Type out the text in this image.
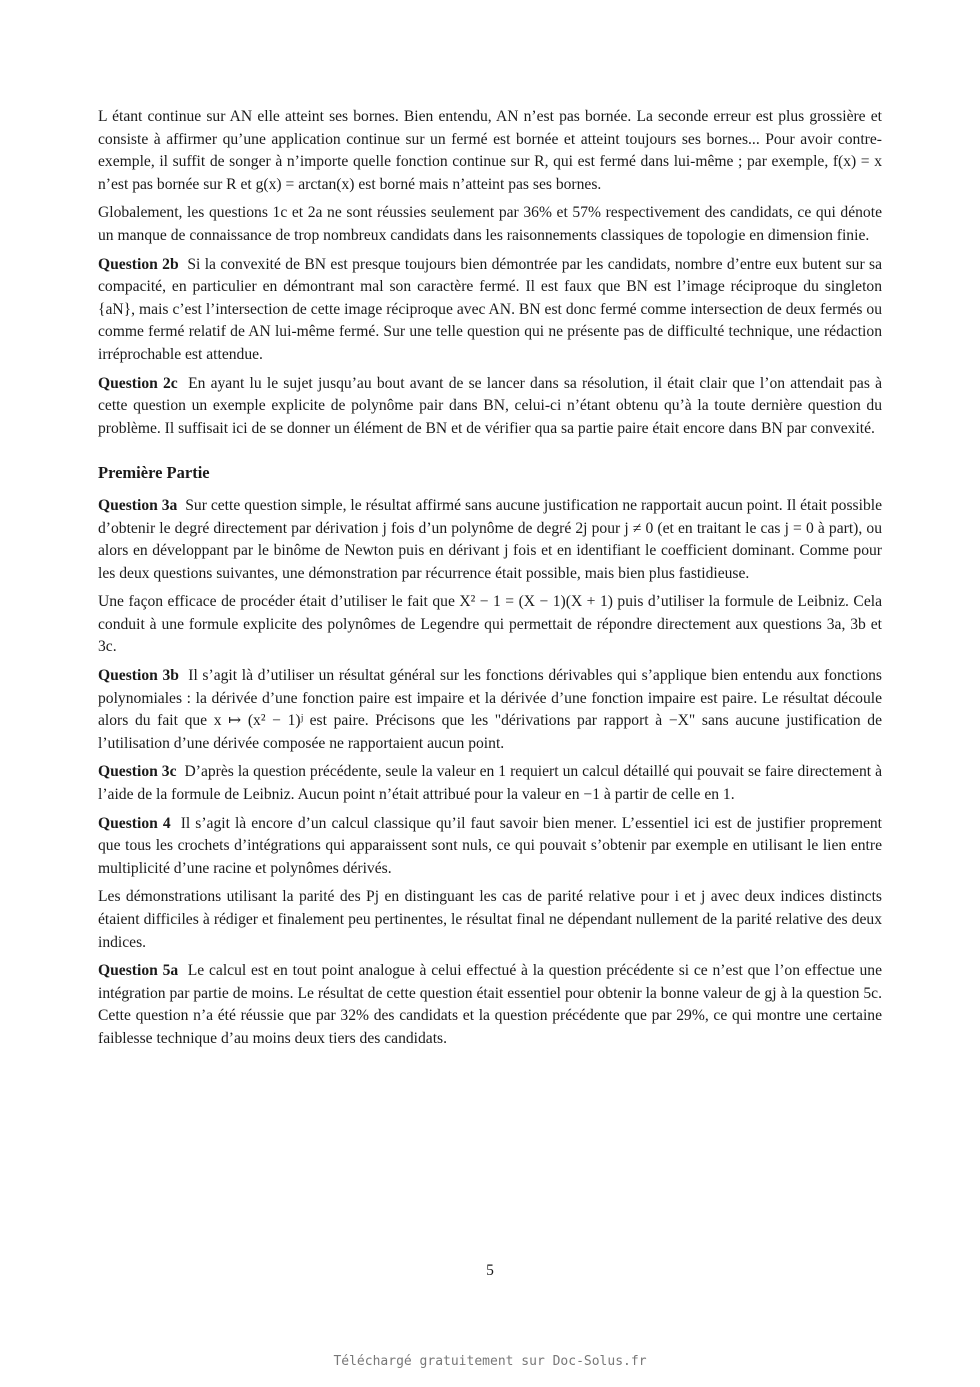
L étant continue sur AN elle atteint ses bornes. Bien entendu, AN n’est pas bornée. La seconde erreur est plus grossière et consiste à affirmer qu’une application continue sur un fermé est bornée et atteint toujours ses bornes... Pour avoir contre-exemple, il suffit de songer à n’importe quelle fonction continue sur R, qui est fermé dans lui-même ; par exemple, f(x) = x n’est pas bornée sur R et g(x) = arctan(x) est borné mais n’atteint pas ses bornes.

Globalement, les questions 1c et 2a ne sont réussies seulement par 36% et 57% respectivement des candidats, ce qui dénote un manque de connaissance de trop nombreux candidats dans les raisonnements classiques de topologie en dimension finie.

Question 2b Si la convexité de BN est presque toujours bien démontrée par les candidats, nombre d’entre eux butent sur sa compacité, en particulier en démontrant mal son caractère fermé. Il est faux que BN est l’image réciproque du singleton {aN}, mais c’est l’intersection de cette image réciproque avec AN. BN est donc fermé comme intersection de deux fermés ou comme fermé relatif de AN lui-même fermé. Sur une telle question qui ne présente pas de difficulté technique, une rédaction irréprochable est attendue.

Question 2c En ayant lu le sujet jusqu’au bout avant de se lancer dans sa résolution, il était clair que l’on attendait pas à cette question un exemple explicite de polynôme pair dans BN, celui-ci n’étant obtenu qu’à la toute dernière question du problème. Il suffisait ici de se donner un élément de BN et de vérifier qua sa partie paire était encore dans BN par convexité.

Première Partie

Question 3a Sur cette question simple, le résultat affirmé sans aucune justification ne rapportait aucun point. Il était possible d’obtenir le degré directement par dérivation j fois d’un polynôme de degré 2j pour j ≠ 0 (et en traitant le cas j = 0 à part), ou alors en développant par le binôme de Newton puis en dérivant j fois et en identifiant le coefficient dominant. Comme pour les deux questions suivantes, une démonstration par récurrence était possible, mais bien plus fastidieuse.

Une façon efficace de procéder était d’utiliser le fait que X² − 1 = (X − 1)(X + 1) puis d’utiliser la formule de Leibniz. Cela conduit à une formule explicite des polynômes de Legendre qui permettait de répondre directement aux questions 3a, 3b et 3c.

Question 3b Il s’agit là d’utiliser un résultat général sur les fonctions dérivables qui s’applique bien entendu aux fonctions polynomiales : la dérivée d’une fonction paire est impaire et la dérivée d’une fonction impaire est paire. Le résultat découle alors du fait que x ↦ (x² − 1)ʲ est paire. Précisons que les "dérivations par rapport à −X" sans aucune justification de l’utilisation d’une dérivée composée ne rapportaient aucun point.

Question 3c D’après la question précédente, seule la valeur en 1 requiert un calcul détaillé qui pouvait se faire directement à l’aide de la formule de Leibniz. Aucun point n’était attribué pour la valeur en −1 à partir de celle en 1.

Question 4 Il s’agit là encore d’un calcul classique qu’il faut savoir bien mener. L’essentiel ici est de justifier proprement que tous les crochets d’intégrations qui apparaissent sont nuls, ce qui pouvait s’obtenir par exemple en utilisant le lien entre multiplicité d’une racine et polynômes dérivés.

Les démonstrations utilisant la parité des Pj en distinguant les cas de parité relative pour i et j avec deux indices distincts étaient difficiles à rédiger et finalement peu pertinentes, le résultat final ne dépendant nullement de la parité relative des deux indices.

Question 5a Le calcul est en tout point analogue à celui effectué à la question précédente si ce n’est que l’on effectue une intégration par partie de moins. Le résultat de cette question était essentiel pour obtenir la bonne valeur de gj à la question 5c. Cette question n’a été réussie que par 32% des candidats et la question précédente que par 29%, ce qui montre une certaine faiblesse technique d’au moins deux tiers des candidats.

5
Téléchargé gratuitement sur Doc-Solus.fr
